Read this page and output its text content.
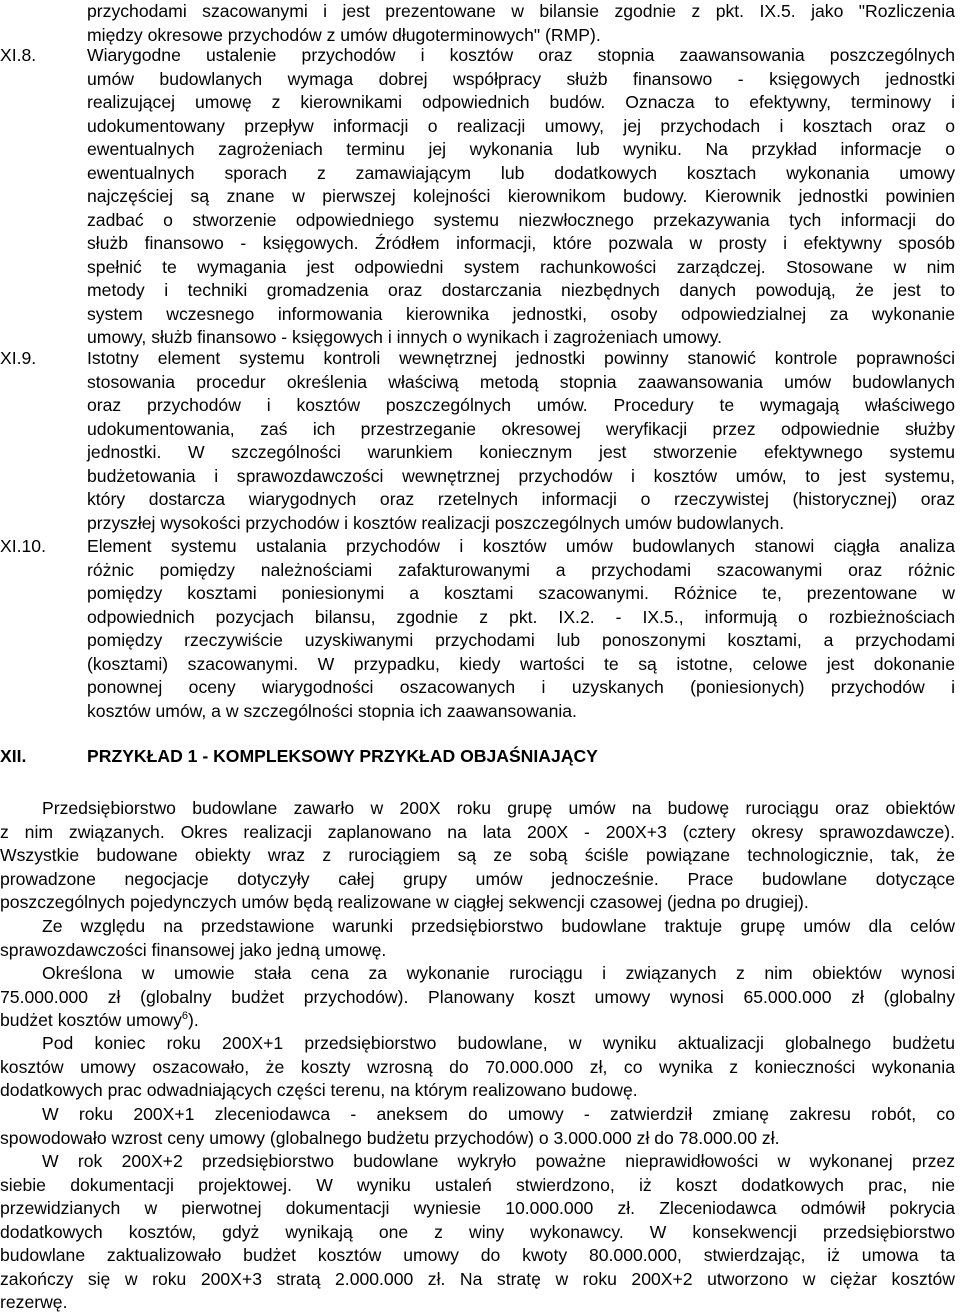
przychodami szacowanymi i jest prezentowane w bilansie zgodnie z pkt. IX.5. jako "Rozliczenia
między okresowe przychodów z umów długoterminowych" (RMP).
XI.8.	Wiarygodne ustalenie przychodów i kosztów oraz stopnia zaawansowania poszczególnych
umów budowlanych wymaga dobrej współpracy służb finansowo - księgowych jednostki
realizującej umowę z kierownikami odpowiednich budów. Oznacza to efektywny, terminowy i
udokumentowany przepływ informacji o realizacji umowy, jej przychodach i kosztach oraz o
ewentualnych zagrożeniach terminu jej wykonania lub wyniku. Na przykład informacje o
ewentualnych sporach z zamawiającym lub dodatkowych kosztach wykonania umowy
najczęściej są znane w pierwszej kolejności kierownikom budowy. Kierownik jednostki powinien
zadbać o stworzenie odpowiedniego systemu niezwłocznego przekazywania tych informacji do
służb finansowo - księgowych. Źródłem informacji, które pozwala w prosty i efektywny sposób
spełnić te wymagania jest odpowiedni system rachunkowości zarządczej. Stosowane w nim
metody i techniki gromadzenia oraz dostarczania niezbędnych danych powodują, że jest to
system wczesnego informowania kierownika jednostki, osoby odpowiedzialnej za wykonanie
umowy, służb finansowo - księgowych i innych o wynikach i zagrożeniach umowy.
XI.9.	Istotny element systemu kontroli wewnętrznej jednostki powinny stanowić kontrole poprawności
stosowania procedur określenia właściwą metodą stopnia zaawansowania umów budowlanych
oraz przychodów i kosztów poszczególnych umów. Procedury te wymagają właściwego
udokumentowania, zaś ich przestrzeganie okresowej weryfikacji przez odpowiednie służby
jednostki. W szczególności warunkiem koniecznym jest stworzenie efektywnego systemu
budżetowania i sprawozdawczości wewnętrznej przychodów i kosztów umów, to jest systemu,
który dostarcza wiarygodnych oraz rzetelnych informacji o rzeczywistej (historycznej) oraz
przyszłej wysokości przychodów i kosztów realizacji poszczególnych umów budowlanych.
XI.10. Element systemu ustalania przychodów i kosztów umów budowlanych stanowi ciągła analiza
różnic pomiędzy należnościami zafakturowanymi a przychodami szacowanymi oraz różnic
pomiędzy kosztami poniesionymi a kosztami szacowanymi. Różnice te, prezentowane w
odpowiednich pozycjach bilansu, zgodnie z pkt. IX.2. - IX.5., informują o rozbieżnościach
pomiędzy rzeczywiście uzyskiwanymi przychodami lub ponoszonymi kosztami, a przychodami
(kosztami) szacowanymi. W przypadku, kiedy wartości te są istotne, celowe jest dokonanie
ponownej oceny wiarygodności oszacowanych i uzyskanych (poniesionych) przychodów i
kosztów umów, a w szczególności stopnia ich zaawansowania.
XII.	PRZYKŁAD 1 - KOMPLEKSOWY PRZYKŁAD OBJAŚNIAJĄCY
Przedsiębiorstwo budowlane zawarło w 200X roku grupę umów na budowę rurociągu oraz obiektów
z nim związanych. Okres realizacji zaplanowano na lata 200X - 200X+3 (cztery okresy sprawozdawcze).
Wszystkie budowane obiekty wraz z rurociągiem są ze sobą ściśle powiązane technologicznie, tak, że
prowadzone negocjacje dotyczyły całej grupy umów jednocześnie. Prace budowlane dotyczące
poszczególnych pojedynczych umów będą realizowane w ciągłej sekwencji czasowej (jedna po drugiej).
Ze względu na przedstawione warunki przedsiębiorstwo budowlane traktuje grupę umów dla celów
sprawozdawczości finansowej jako jedną umowę.
Określona w umowie stała cena za wykonanie rurociągu i związanych z nim obiektów wynosi
75.000.000 zł (globalny budżet przychodów). Planowany koszt umowy wynosi 65.000.000 zł (globalny
budżet kosztów umowy$^6$).
Pod koniec roku 200X+1 przedsiębiorstwo budowlane, w wyniku aktualizacji globalnego budżetu
kosztów umowy oszacowało, że koszty wzrosną do 70.000.000 zł, co wynika z konieczności wykonania
dodatkowych prac odwadniających części terenu, na którym realizowano budowę.
W roku 200X+1 zleceniodawca - aneksem do umowy - zatwierdził zmianę zakresu robót, co
spowodowało wzrost ceny umowy (globalnego budżetu przychodów) o 3.000.000 zł do 78.000.00 zł.
W rok 200X+2 przedsiębiorstwo budowlane wykryło poważne nieprawidłowości w wykonanej przez
siebie dokumentacji projektowej. W wyniku ustaleń stwierdzono, iż koszt dodatkowych prac, nie
przewidzianych w pierwotnej dokumentacji wyniesie 10.000.000 zł. Zleceniodawca odmówił pokrycia
dodatkowych kosztów, gdyż wynikają one z winy wykonawcy. W konsekwencji przedsiębiorstwo
budowlane zaktualizowało budżet kosztów umowy do kwoty 80.000.000, stwierdzając, iż umowa ta
zakończy się w roku 200X+3 stratą 2.000.000 zł. Na stratę w roku 200X+2 utworzono w ciężar kosztów
rezerwę.
